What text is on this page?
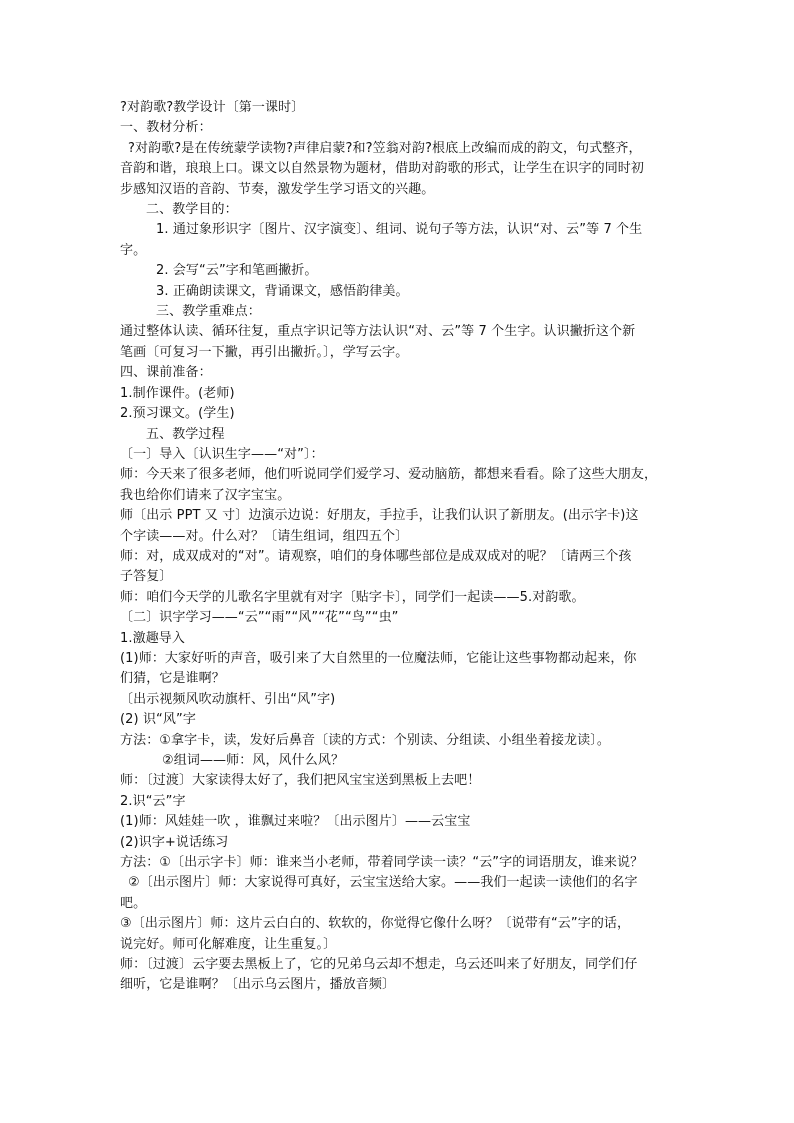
?对韵歌?教学设计〔第一课时〕
一、教材分析：
?对韵歌?是在传统蒙学读物?声律启蒙?和?笠翁对韵?根底上改编而成的韵文，句式整齐，
音韵和谐，琅琅上口。课文以自然景物为题材，借助对韵歌的形式，让学生在识字的同时初
步感知汉语的音韵、节奏，激发学生学习语文的兴趣。
二、教学目的：
1. 通过象形识字〔图片、汉字演变〕、组词、说句子等方法，认识“对、云”等 7 个生
字。
2. 会写“云”字和笔画撇折。
3. 正确朗读课文，背诵课文，感悟韵律美。
三、教学重难点：
通过整体认读、循环往复，重点字识记等方法认识“对、云”等 7 个生字。认识撇折这个新
笔画〔可复习一下撇，再引出撇折。〕，学写云字。
四、课前准备：
1.制作课件。(老师)
2.预习课文。(学生)
五、教学过程
〔一〕导入〔认识生字——“对”〕：
师：今天来了很多老师，他们听说同学们爱学习、爱动脑筋，都想来看看。除了这些大朋友，
我也给你们请来了汉字宝宝。
师〔出示 PPT 又 寸〕边演示边说：好朋友，手拉手，让我们认识了新朋友。(出示字卡)这
个字读——对。什么对？〔请生组词，组四五个〕
师：对，成双成对的“对”。请观察，咱们的身体哪些部位是成双成对的呢？〔请两三个孩
子答复〕
师：咱们今天学的儿歌名字里就有对字〔贴字卡〕，同学们一起读——5.对韵歌。
〔二〕识字学习——“云”“雨”“风”“花”“鸟”“虫”
1.激趣导入
(1)师：大家好听的声音，吸引来了大自然里的一位魔法师，它能让这些事物都动起来，你
们猜，它是谁啊？
〔出示视频风吹动旗杆、引出“风”字)
(2) 识“风”字
方法：①拿字卡，读，发好后鼻音〔读的方式：个别读、分组读、小组坐着接龙读〕。
②组词——师：风，风什么风？
师：〔过渡〕大家读得太好了，我们把风宝宝送到黑板上去吧！
2.识“云”字
(1)师：风娃娃一吹 ，谁飘过来啦？〔出示图片〕——云宝宝
(2)识字+说话练习
方法：①〔出示字卡〕师：谁来当小老师，带着同学读一读？“云”字的词语朋友，谁来说？
②〔出示图片〕师：大家说得可真好，云宝宝送给大家。——我们一起读一读他们的名字
吧。
③〔出示图片〕师：这片云白白的、软软的，你觉得它像什么呀？〔说带有“云”字的话，
说完好。师可化解难度，让生重复。〕
师：〔过渡〕云字要去黑板上了，它的兄弟乌云却不想走，乌云还叫来了好朋友，同学们仔
细听，它是谁啊？〔出示乌云图片，播放音频〕
